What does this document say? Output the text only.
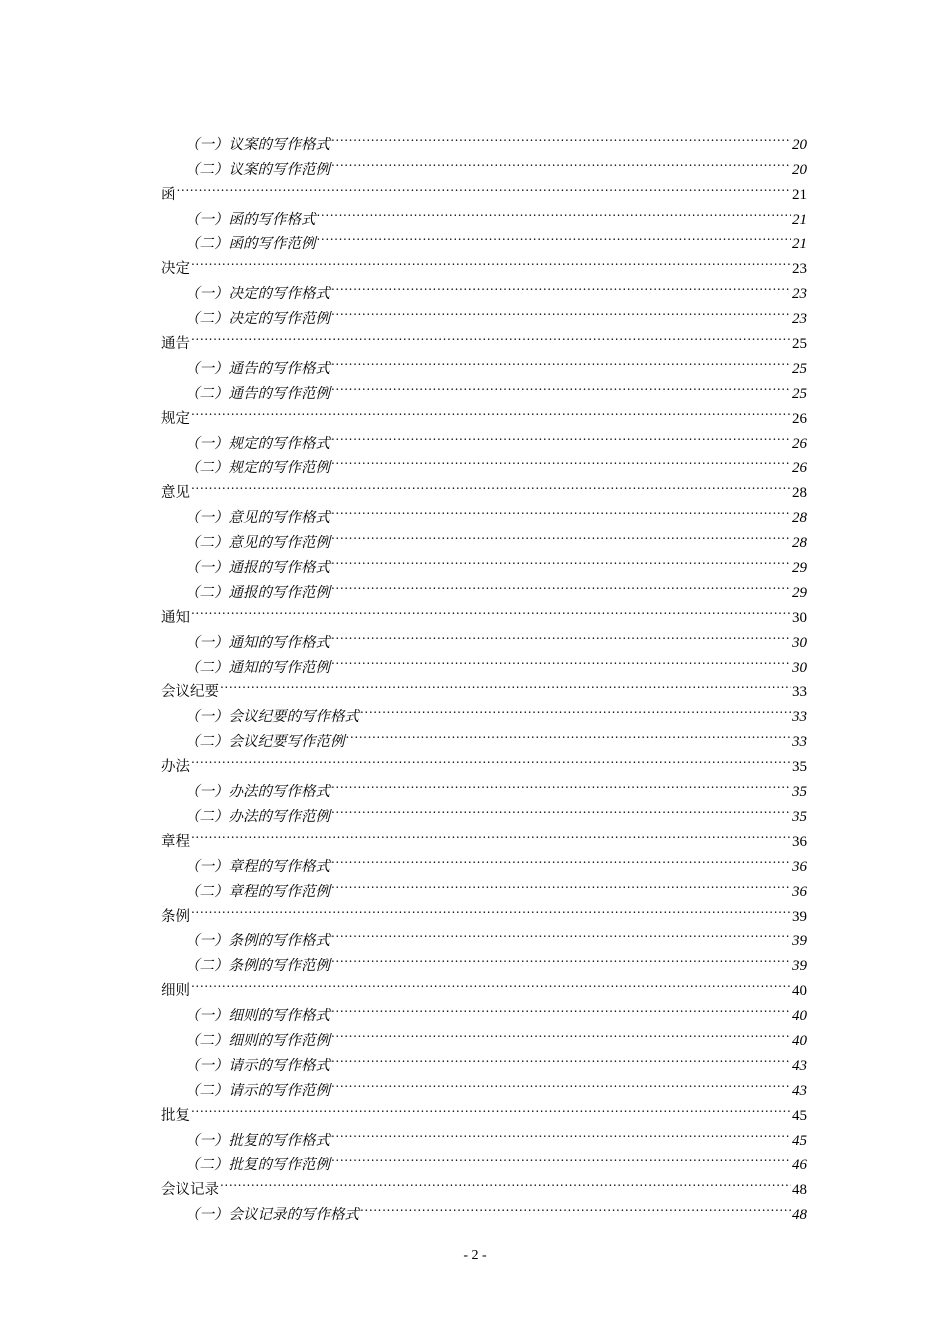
（一）议案的写作格式 .....	20
（二）议案的写作范例 .....	20
函 .....	21
（一）函的写作格式 .....	21
（二）函的写作范例 .....	21
决定 .....	23
（一）决定的写作格式 .....	23
（二）决定的写作范例 .....	23
通告 .....	25
（一）通告的写作格式 .....	25
（二）通告的写作范例 .....	25
规定 .....	26
（一）规定的写作格式 .....	26
（二）规定的写作范例 .....	26
意见 .....	28
（一）意见的写作格式 .....	28
（二）意见的写作范例 .....	28
（一）通报的写作格式 .....	29
（二）通报的写作范例 .....	29
通知 .....	30
（一）通知的写作格式 .....	30
（二）通知的写作范例 .....	30
会议纪要 .....	33
（一）会议纪要的写作格式 .....	33
（二）会议纪要写作范例 .....	33
办法 .....	35
（一）办法的写作格式 .....	35
（二）办法的写作范例 .....	35
章程 .....	36
（一）章程的写作格式 .....	36
（二）章程的写作范例 .....	36
条例 .....	39
（一）条例的写作格式 .....	39
（二）条例的写作范例 .....	39
细则 .....	40
（一）细则的写作格式 .....	40
（二）细则的写作范例 .....	40
（一）请示的写作格式 .....	43
（二）请示的写作范例 .....	43
批复 .....	45
（一）批复的写作格式 .....	45
（二）批复的写作范例 .....	46
会议记录 .....	48
（一）会议记录的写作格式 .....	48
- 2 -
